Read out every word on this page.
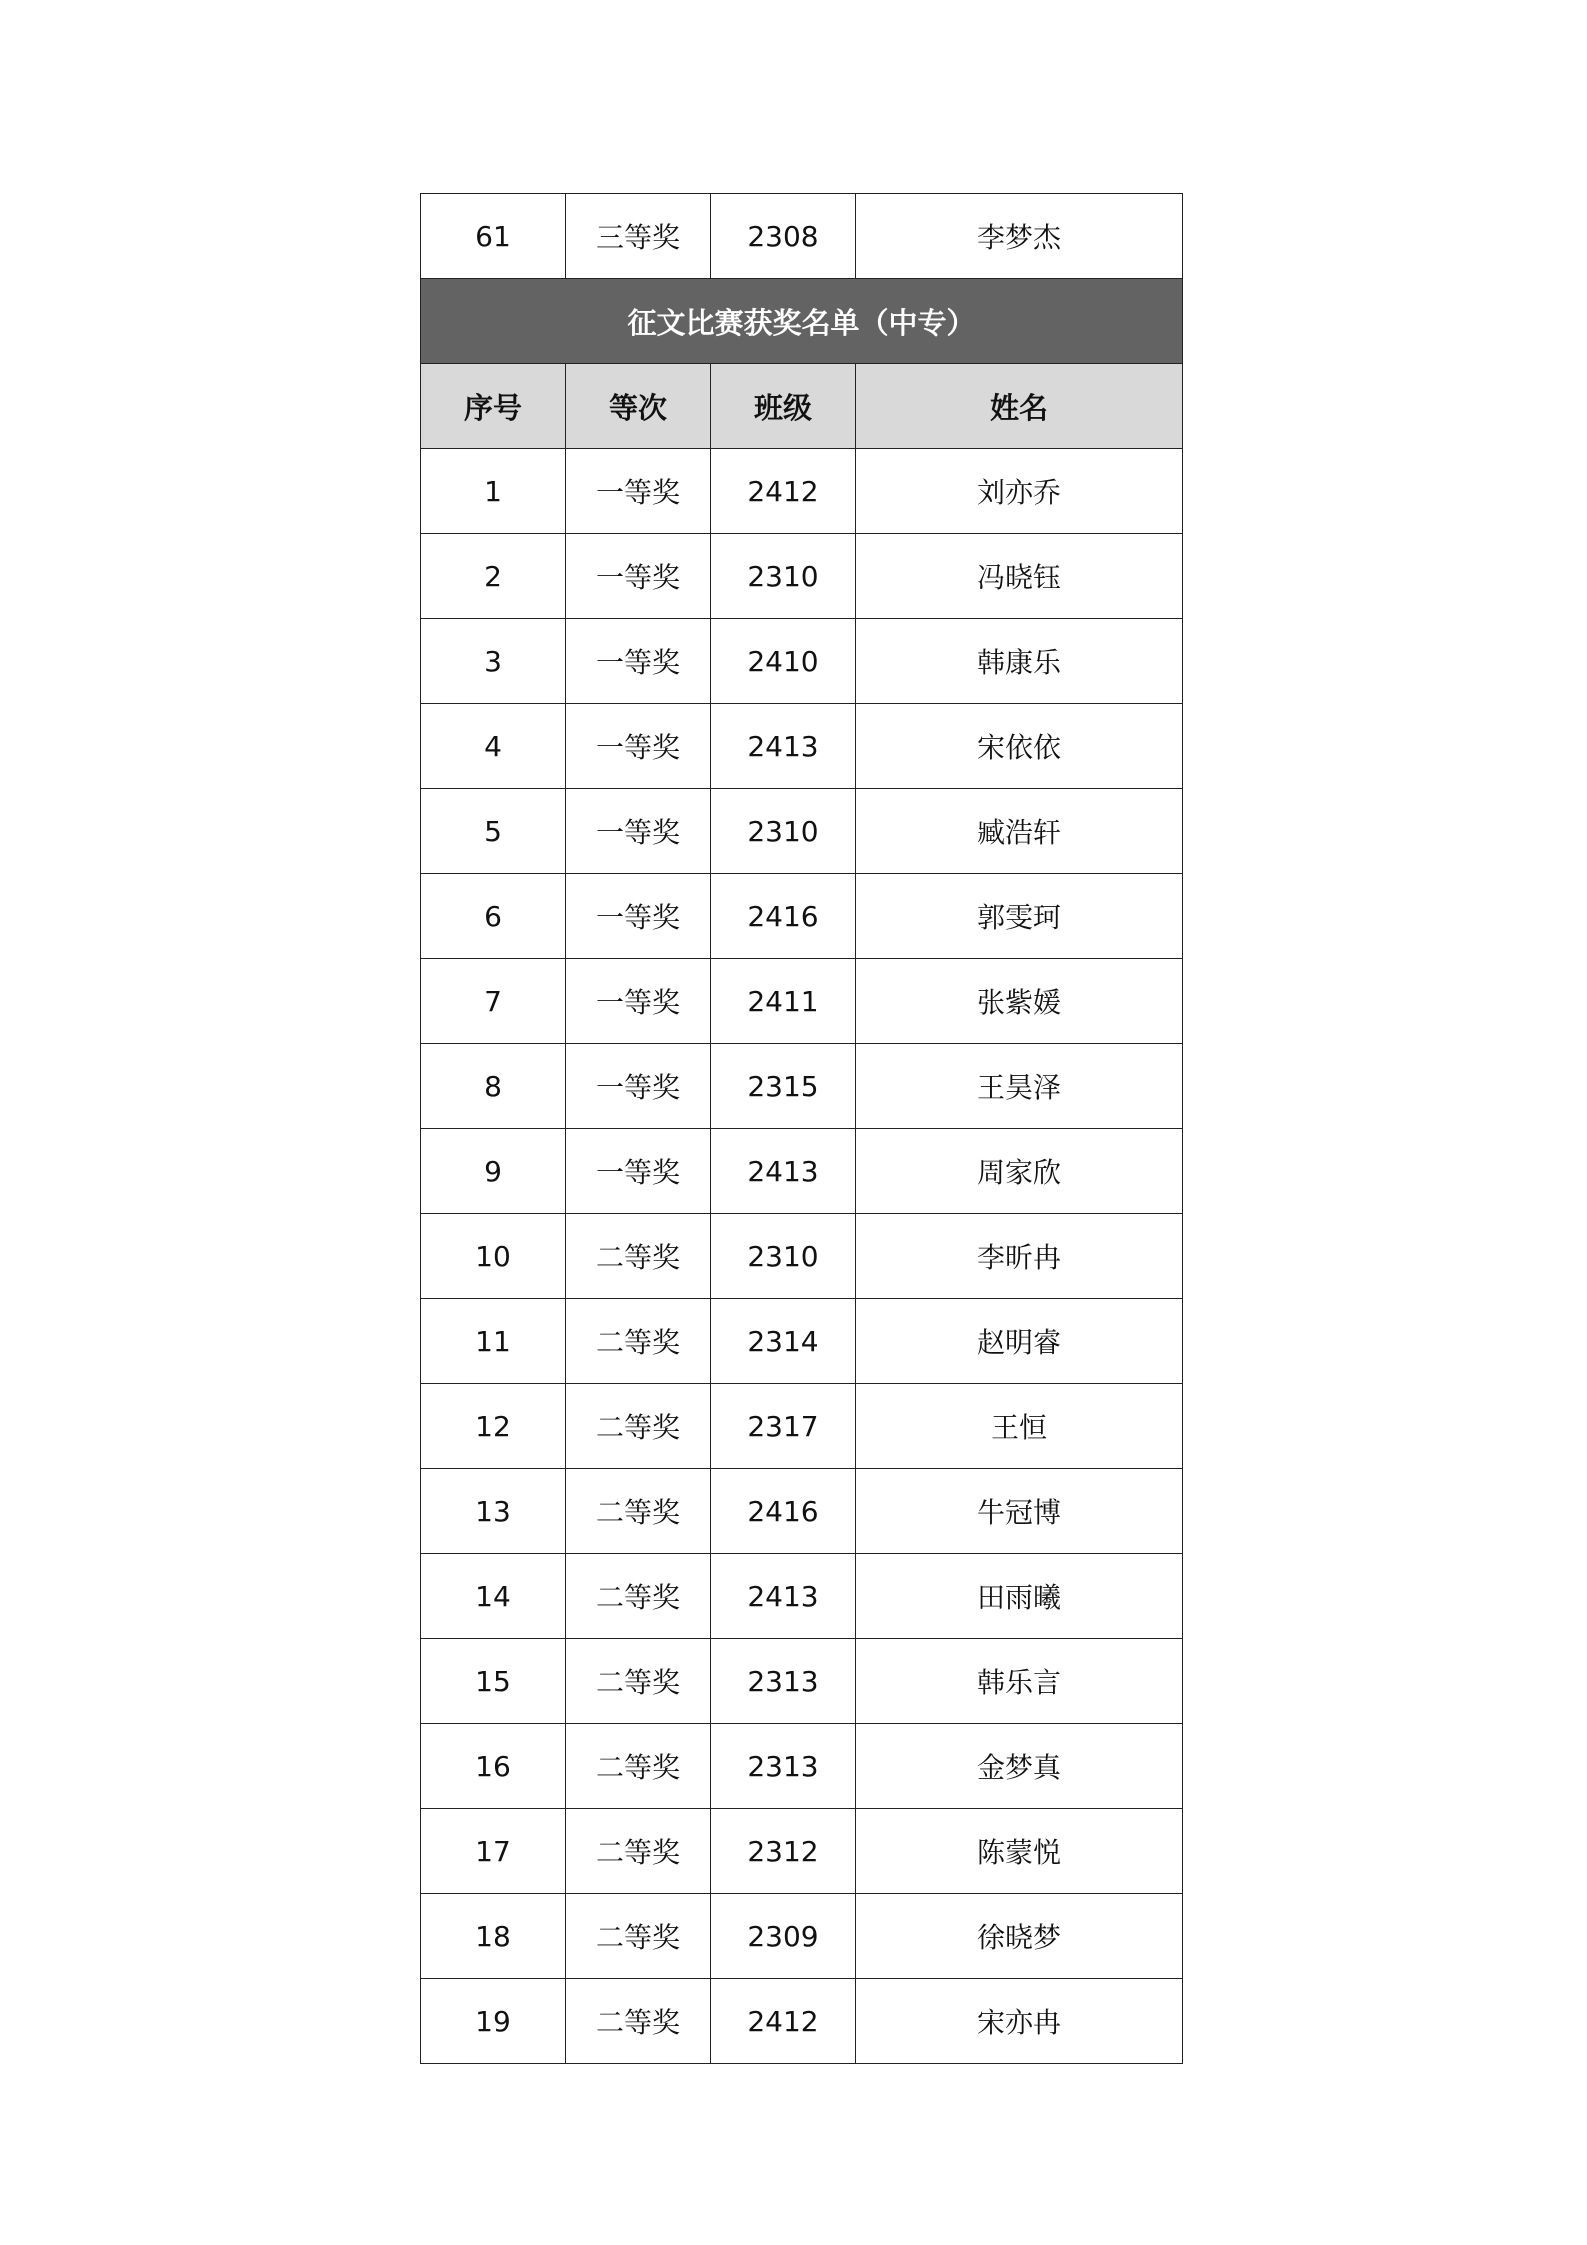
61	三等奖	2308	李梦杰
征文比赛获奖名单（中专）			
序号	等次	班级	姓名
1	一等奖	2412	刘亦乔
2	一等奖	2310	冯晓钰
3	一等奖	2410	韩康乐
4	一等奖	2413	宋依依
5	一等奖	2310	臧浩轩
6	一等奖	2416	郭雯珂
7	一等奖	2411	张紫媛
8	一等奖	2315	王昊泽
9	一等奖	2413	周家欣
10	二等奖	2310	李昕冉
11	二等奖	2314	赵明睿
12	二等奖	2317	王恒
13	二等奖	2416	牛冠博
14	二等奖	2413	田雨曦
15	二等奖	2313	韩乐言
16	二等奖	2313	金梦真
17	二等奖	2312	陈蒙悦
18	二等奖	2309	徐晓梦
19	二等奖	2412	宋亦冉
